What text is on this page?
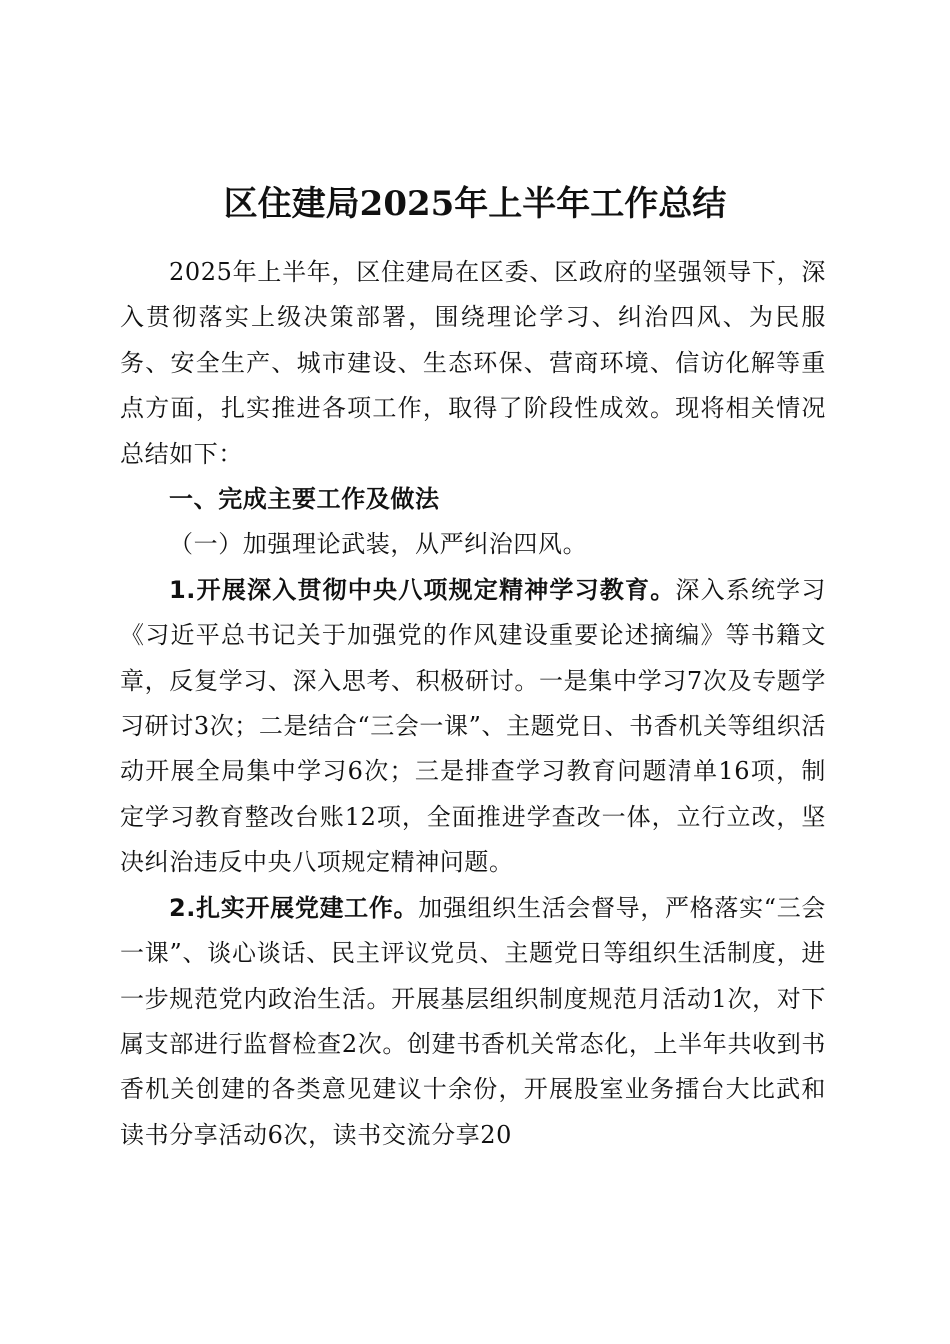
区住建局2025年上半年工作总结

2025年上半年，区住建局在区委、区政府的坚强领导下，深入贯彻落实上级决策部署，围绕理论学习、纠治四风、为民服务、安全生产、城市建设、生态环保、营商环境、信访化解等重点方面，扎实推进各项工作，取得了阶段性成效。现将相关情况总结如下：

一、完成主要工作及做法

（一）加强理论武装，从严纠治四风。

1.开展深入贯彻中央八项规定精神学习教育。深入系统学习《习近平总书记关于加强党的作风建设重要论述摘编》等书籍文章，反复学习、深入思考、积极研讨。一是集中学习7次及专题学习研讨3次；二是结合“三会一课”、主题党日、书香机关等组织活动开展全局集中学习6次；三是排查学习教育问题清单16项，制定学习教育整改台账12项，全面推进学查改一体，立行立改，坚决纠治违反中央八项规定精神问题。

2.扎实开展党建工作。加强组织生活会督导，严格落实“三会一课”、谈心谈话、民主评议党员、主题党日等组织生活制度，进一步规范党内政治生活。开展基层组织制度规范月活动1次，对下属支部进行监督检查2次。创建书香机关常态化，上半年共收到书香机关创建的各类意见建议十余份，开展股室业务擂台大比武和读书分享活动6次，读书交流分享20
